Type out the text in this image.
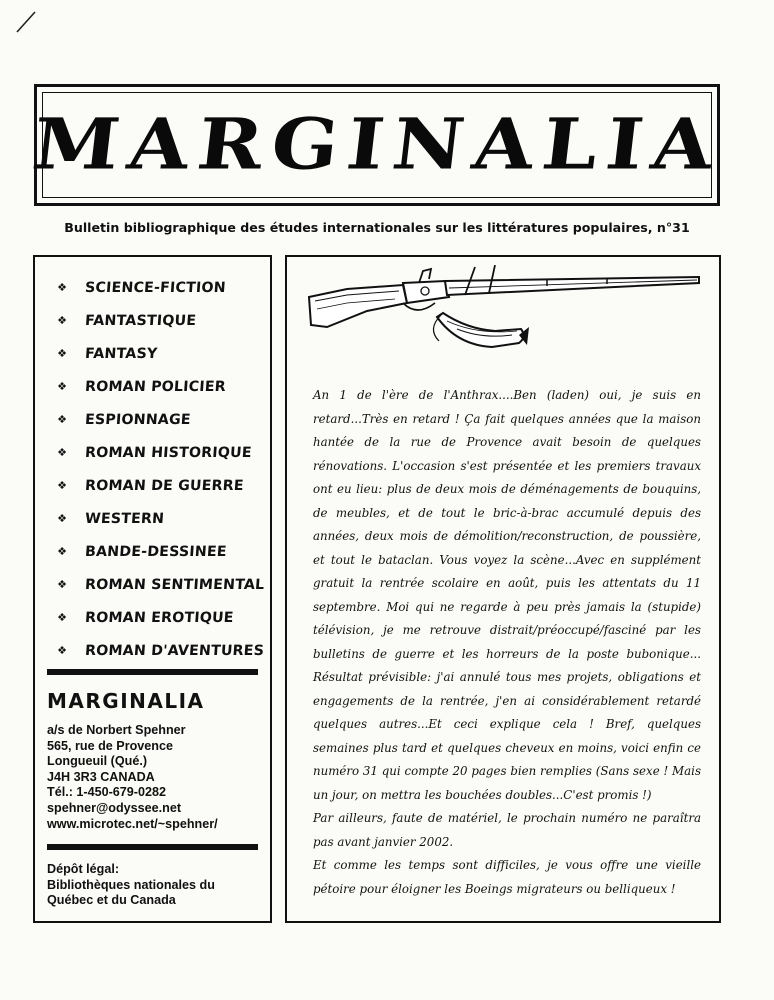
MARGINALIA
Bulletin bibliographique des études internationales sur les littératures populaires, n°31
❖ SCIENCE-FICTION
❖ FANTASTIQUE
❖ FANTASY
❖ ROMAN POLICIER
❖ ESPIONNAGE
❖ ROMAN HISTORIQUE
❖ ROMAN DE GUERRE
❖ WESTERN
❖ BANDE-DESSINEE
❖ ROMAN SENTIMENTAL
❖ ROMAN EROTIQUE
❖ ROMAN D'AVENTURES
MARGINALIA
a/s de Norbert Spehner
565, rue de Provence
Longueuil (Qué.)
J4H 3R3 CANADA
Tél.: 1-450-679-0282
spehner@odyssee.net
www.microtec.net/~spehner/
Dépôt légal:
Bibliothèques nationales du
Québec et du Canada

An 1 de l'ère de l'Anthrax....Ben (laden) oui, je suis en retard...Très en retard ! Ça fait quelques années que la maison hantée de la rue de Provence avait besoin de quelques rénovations. L'occasion s'est présentée et les premiers travaux ont eu lieu: plus de deux mois de déménagements de bouquins, de meubles, et de tout le bric-à-brac accumulé depuis des années, deux mois de démolition/reconstruction, de poussière, et tout le bataclan. Vous voyez la scène...Avec en supplément gratuit la rentrée scolaire en août, puis les attentats du 11 septembre. Moi qui ne regarde à peu près jamais la (stupide) télévision, je me retrouve distrait/préoccupé/fasciné par les bulletins de guerre et les horreurs de la poste bubonique... Résultat prévisible: j'ai annulé tous mes projets, obligations et engagements de la rentrée, j'en ai considérablement retardé quelques autres...Et ceci explique cela ! Bref, quelques semaines plus tard et quelques cheveux en moins, voici enfin ce numéro 31 qui compte 20 pages bien remplies (Sans sexe ! Mais un jour, on mettra les bouchées doubles...C'est promis !)

Par ailleurs, faute de matériel, le prochain numéro ne paraîtra pas avant janvier 2002.

Et comme les temps sont difficiles, je vous offre une vieille pétoire pour éloigner les Boeings migrateurs ou belliqueux !
